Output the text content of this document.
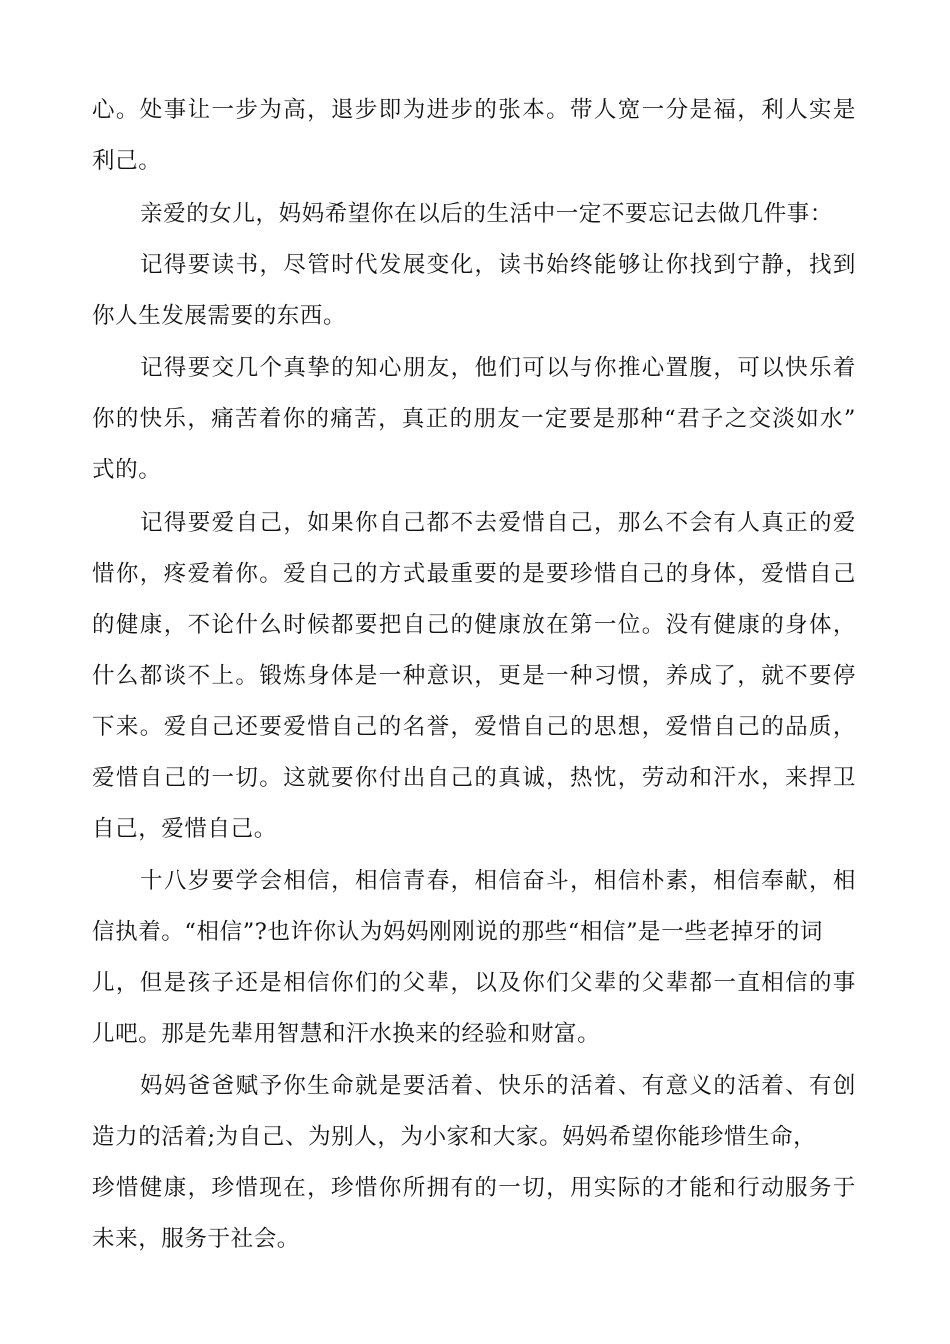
心。处事让一步为高，退步即为进步的张本。带人宽一分是福，利人实是
利己。
亲爱的女儿，妈妈希望你在以后的生活中一定不要忘记去做几件事：
记得要读书，尽管时代发展变化，读书始终能够让你找到宁静，找到
你人生发展需要的东西。
记得要交几个真挚的知心朋友，他们可以与你推心置腹，可以快乐着
你的快乐，痛苦着你的痛苦，真正的朋友一定要是那种“君子之交淡如水”
式的。
记得要爱自己，如果你自己都不去爱惜自己，那么不会有人真正的爱
惜你，疼爱着你。爱自己的方式最重要的是要珍惜自己的身体，爱惜自己
的健康，不论什么时候都要把自己的健康放在第一位。没有健康的身体，
什么都谈不上。锻炼身体是一种意识，更是一种习惯，养成了，就不要停
下来。爱自己还要爱惜自己的名誉，爱惜自己的思想，爱惜自己的品质，
爱惜自己的一切。这就要你付出自己的真诚，热忱，劳动和汗水，来捍卫
自己，爱惜自己。
十八岁要学会相信，相信青春，相信奋斗，相信朴素，相信奉献，相
信执着。“相信”?也许你认为妈妈刚刚说的那些“相信”是一些老掉牙的词
儿，但是孩子还是相信你们的父辈，以及你们父辈的父辈都一直相信的事
儿吧。那是先辈用智慧和汗水换来的经验和财富。
妈妈爸爸赋予你生命就是要活着、快乐的活着、有意义的活着、有创
造力的活着;为自己、为别人，为小家和大家。妈妈希望你能珍惜生命，
珍惜健康，珍惜现在，珍惜你所拥有的一切，用实际的才能和行动服务于
未来，服务于社会。
